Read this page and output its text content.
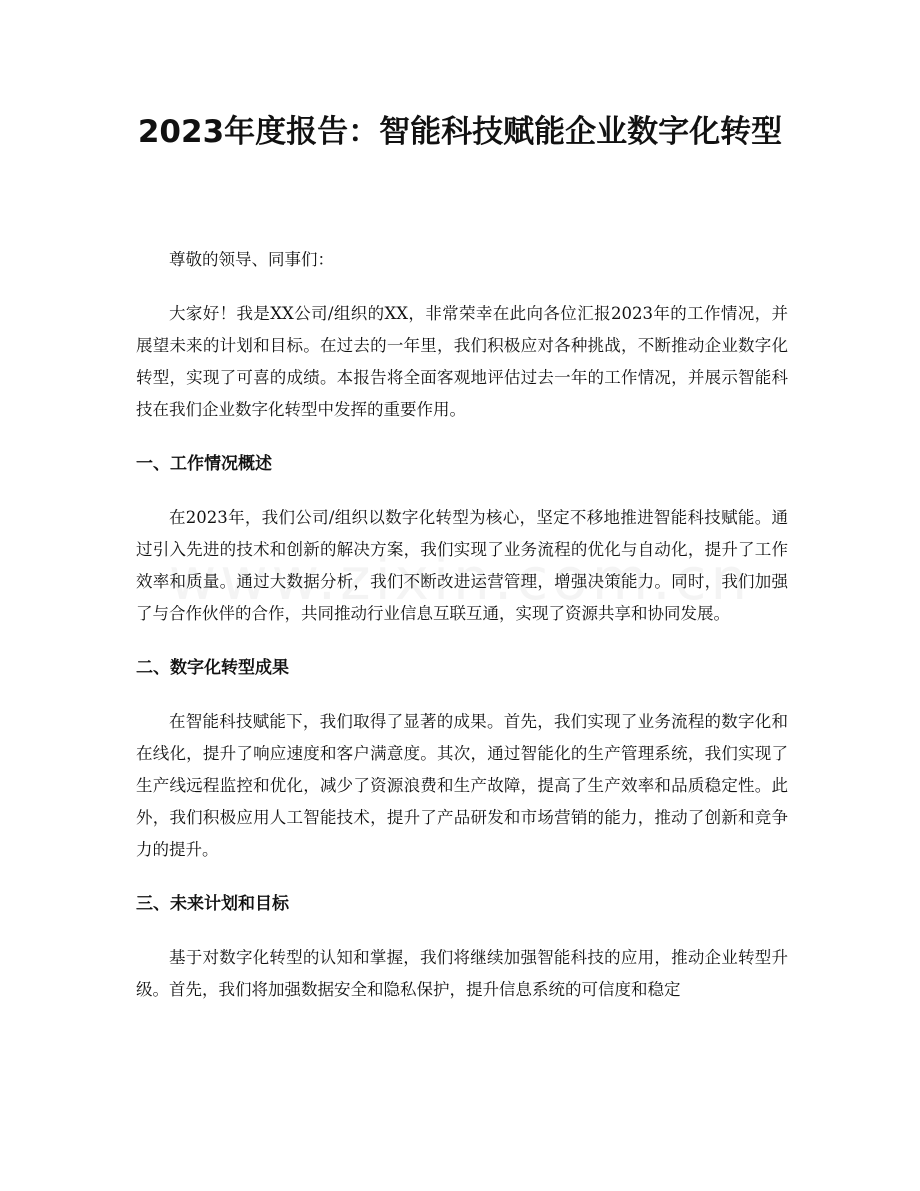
2023年度报告：智能科技赋能企业数字化转型

尊敬的领导、同事们：

大家好！我是XX公司/组织的XX，非常荣幸在此向各位汇报2023年的工作情况，并展望未来的计划和目标。在过去的一年里，我们积极应对各种挑战，不断推动企业数字化转型，实现了可喜的成绩。本报告将全面客观地评估过去一年的工作情况，并展示智能科技在我们企业数字化转型中发挥的重要作用。

一、工作情况概述

在2023年，我们公司/组织以数字化转型为核心，坚定不移地推进智能科技赋能。通过引入先进的技术和创新的解决方案，我们实现了业务流程的优化与自动化，提升了工作效率和质量。通过大数据分析，我们不断改进运营管理，增强决策能力。同时，我们加强了与合作伙伴的合作，共同推动行业信息互联互通，实现了资源共享和协同发展。

二、数字化转型成果

在智能科技赋能下，我们取得了显著的成果。首先，我们实现了业务流程的数字化和在线化，提升了响应速度和客户满意度。其次，通过智能化的生产管理系统，我们实现了生产线远程监控和优化，减少了资源浪费和生产故障，提高了生产效率和品质稳定性。此外，我们积极应用人工智能技术，提升了产品研发和市场营销的能力，推动了创新和竞争力的提升。

三、未来计划和目标

基于对数字化转型的认知和掌握，我们将继续加强智能科技的应用，推动企业转型升级。首先，我们将加强数据安全和隐私保护，提升信息系统的可信度和稳定
